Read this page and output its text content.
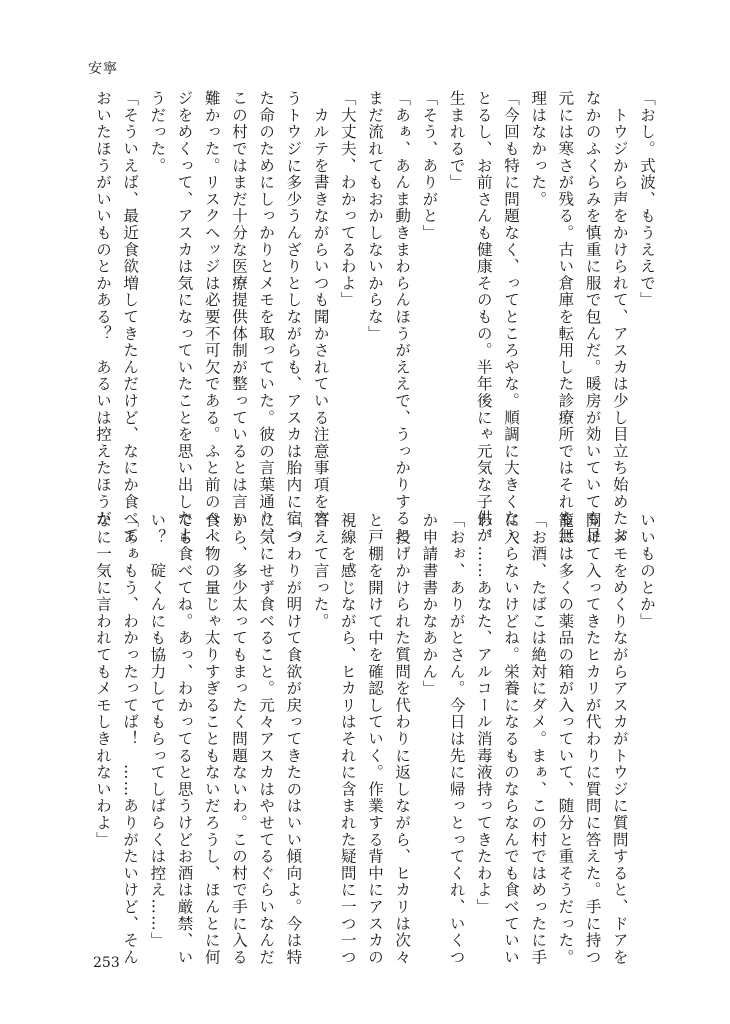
安寧
「おし。式波、もうええで」
　トウジから声をかけられて、アスカは少し目立ち始めたお
なかのふくらみを慎重に服で包んだ。暖房が効いていても足
元には寒さが残る。古い倉庫を転用した診療所ではそれも無
理はなかった。
「今回も特に問題なく、ってところやな。順調に大きくなっ
とるし、お前さんも健康そのもの。半年後にゃ元気な子供が
生まれるで」
「そう、ありがと」
「あぁ、あんま動きまわらんほうがええで、うっかりすると
まだ流れてもおかしないからな」
「大丈夫、わかってるわよ」
　カルテを書きながらいつも聞かされている注意事項を言
うトウジに多少うんざりとしながらも、アスカは胎内に宿っ
た命のためにしっかりとメモを取っていた。彼の言葉通り、
この村ではまだ十分な医療提供体制が整っているとは言い
難かった。リスクヘッジは必要不可欠である。ふと前のペー
ジをめくって、アスカは気になっていたことを思い出したよ
うだった。
「そういえば、最近食欲増してきたんだけど、なにか食べて
おいたほうがいいものとかある？　あるいは控えたほうが
いいものとか」
　メモをめくりながらアスカがトウジに質問すると、ドアを
開けて入ってきたヒカリが代わりに質問に答えた。手に持つ
籠には多くの薬品の箱が入っていて、随分と重そうだった。
「お酒、たばこは絶対にダメ。まぁ、この村ではめったに手
に入らないけどね。栄養になるものならなんでも食べていい
わ。……あなた、アルコール消毒液持ってきたわよ」
「おぉ、ありがとさん。今日は先に帰っとってくれ、いくつ
か申請書書かなあかん」
　投げかけられた質問を代わりに返しながら、ヒカリは次々
と戸棚を開けて中を確認していく。作業する背中にアスカの
視線を感じながら、ヒカリはそれに含まれた疑問に一つ一つ
答えて言った。
「つわりが明けて食欲が戻ってきたのはいい傾向よ。今は特
に気にせず食べること。元々アスカはやせてるぐらいなんだ
から、多少太ってもまったく問題ないわ。この村で手に入る
食べ物の量じゃ太りすぎることもないだろうし、ほんとに何
でも食べてね。あっ、わかってると思うけどお酒は厳禁、い
い？　碇くんにも協力してもらってしばらくは控え……」
「あぁもう、わかったってば！　……ありがたいけど、そん
なに一気に言われてもメモしきれないわよ」
253
